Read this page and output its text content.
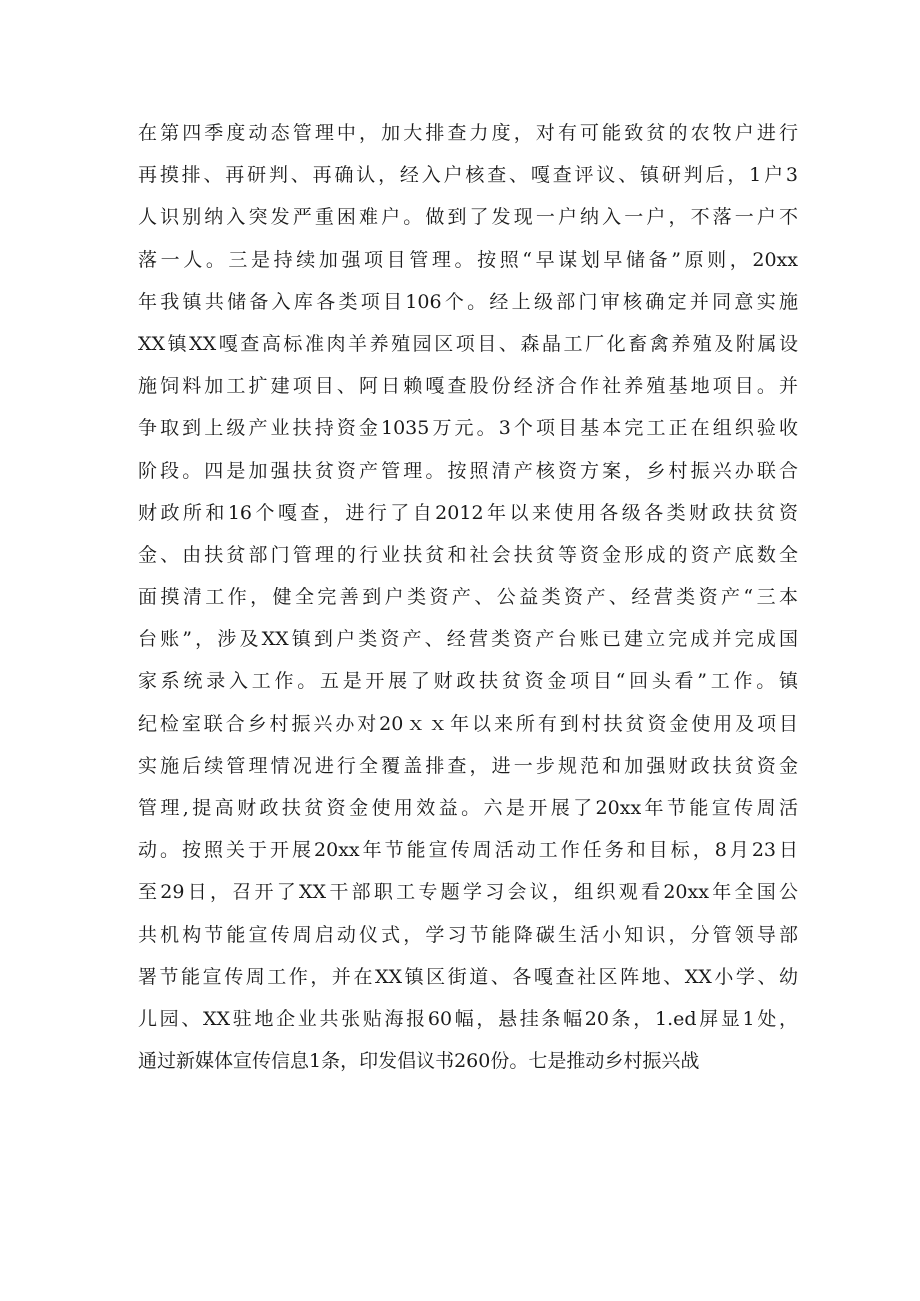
在第四季度动态管理中，加大排查力度，对有可能致贫的农牧户进行
再摸排、再研判、再确认，经入户核查、嘎查评议、镇研判后，1户3
人识别纳入突发严重困难户。做到了发现一户纳入一户，不落一户不
落一人。三是持续加强项目管理。按照“早谋划早储备”原则，20xx
年我镇共储备入库各类项目106个。经上级部门审核确定并同意实施
XX镇XX嘎查高标准肉羊养殖园区项目、森晶工厂化畜禽养殖及附属设
施饲料加工扩建项目、阿日赖嘎查股份经济合作社养殖基地项目。并
争取到上级产业扶持资金1035万元。3个项目基本完工正在组织验收
阶段。四是加强扶贫资产管理。按照清产核资方案，乡村振兴办联合
财政所和16个嘎查，进行了自2012年以来使用各级各类财政扶贫资
金、由扶贫部门管理的行业扶贫和社会扶贫等资金形成的资产底数全
面摸清工作，健全完善到户类资产、公益类资产、经营类资产“三本
台账”，涉及XX镇到户类资产、经营类资产台账已建立完成并完成国
家系统录入工作。五是开展了财政扶贫资金项目“回头看”工作。镇
纪检室联合乡村振兴办对20ｘｘ年以来所有到村扶贫资金使用及项目
实施后续管理情况进行全覆盖排查，进一步规范和加强财政扶贫资金
管理,提高财政扶贫资金使用效益。六是开展了20xx年节能宣传周活
动。按照关于开展20xx年节能宣传周活动工作任务和目标，8月23日
至29日，召开了XX干部职工专题学习会议，组织观看20xx年全国公
共机构节能宣传周启动仪式，学习节能降碳生活小知识，分管领导部
署节能宣传周工作，并在XX镇区街道、各嘎查社区阵地、XX小学、幼
儿园、XX驻地企业共张贴海报60幅，悬挂条幅20条，1.ed屏显1处，
通过新媒体宣传信息1条，印发倡议书260份。七是推动乡村振兴战
